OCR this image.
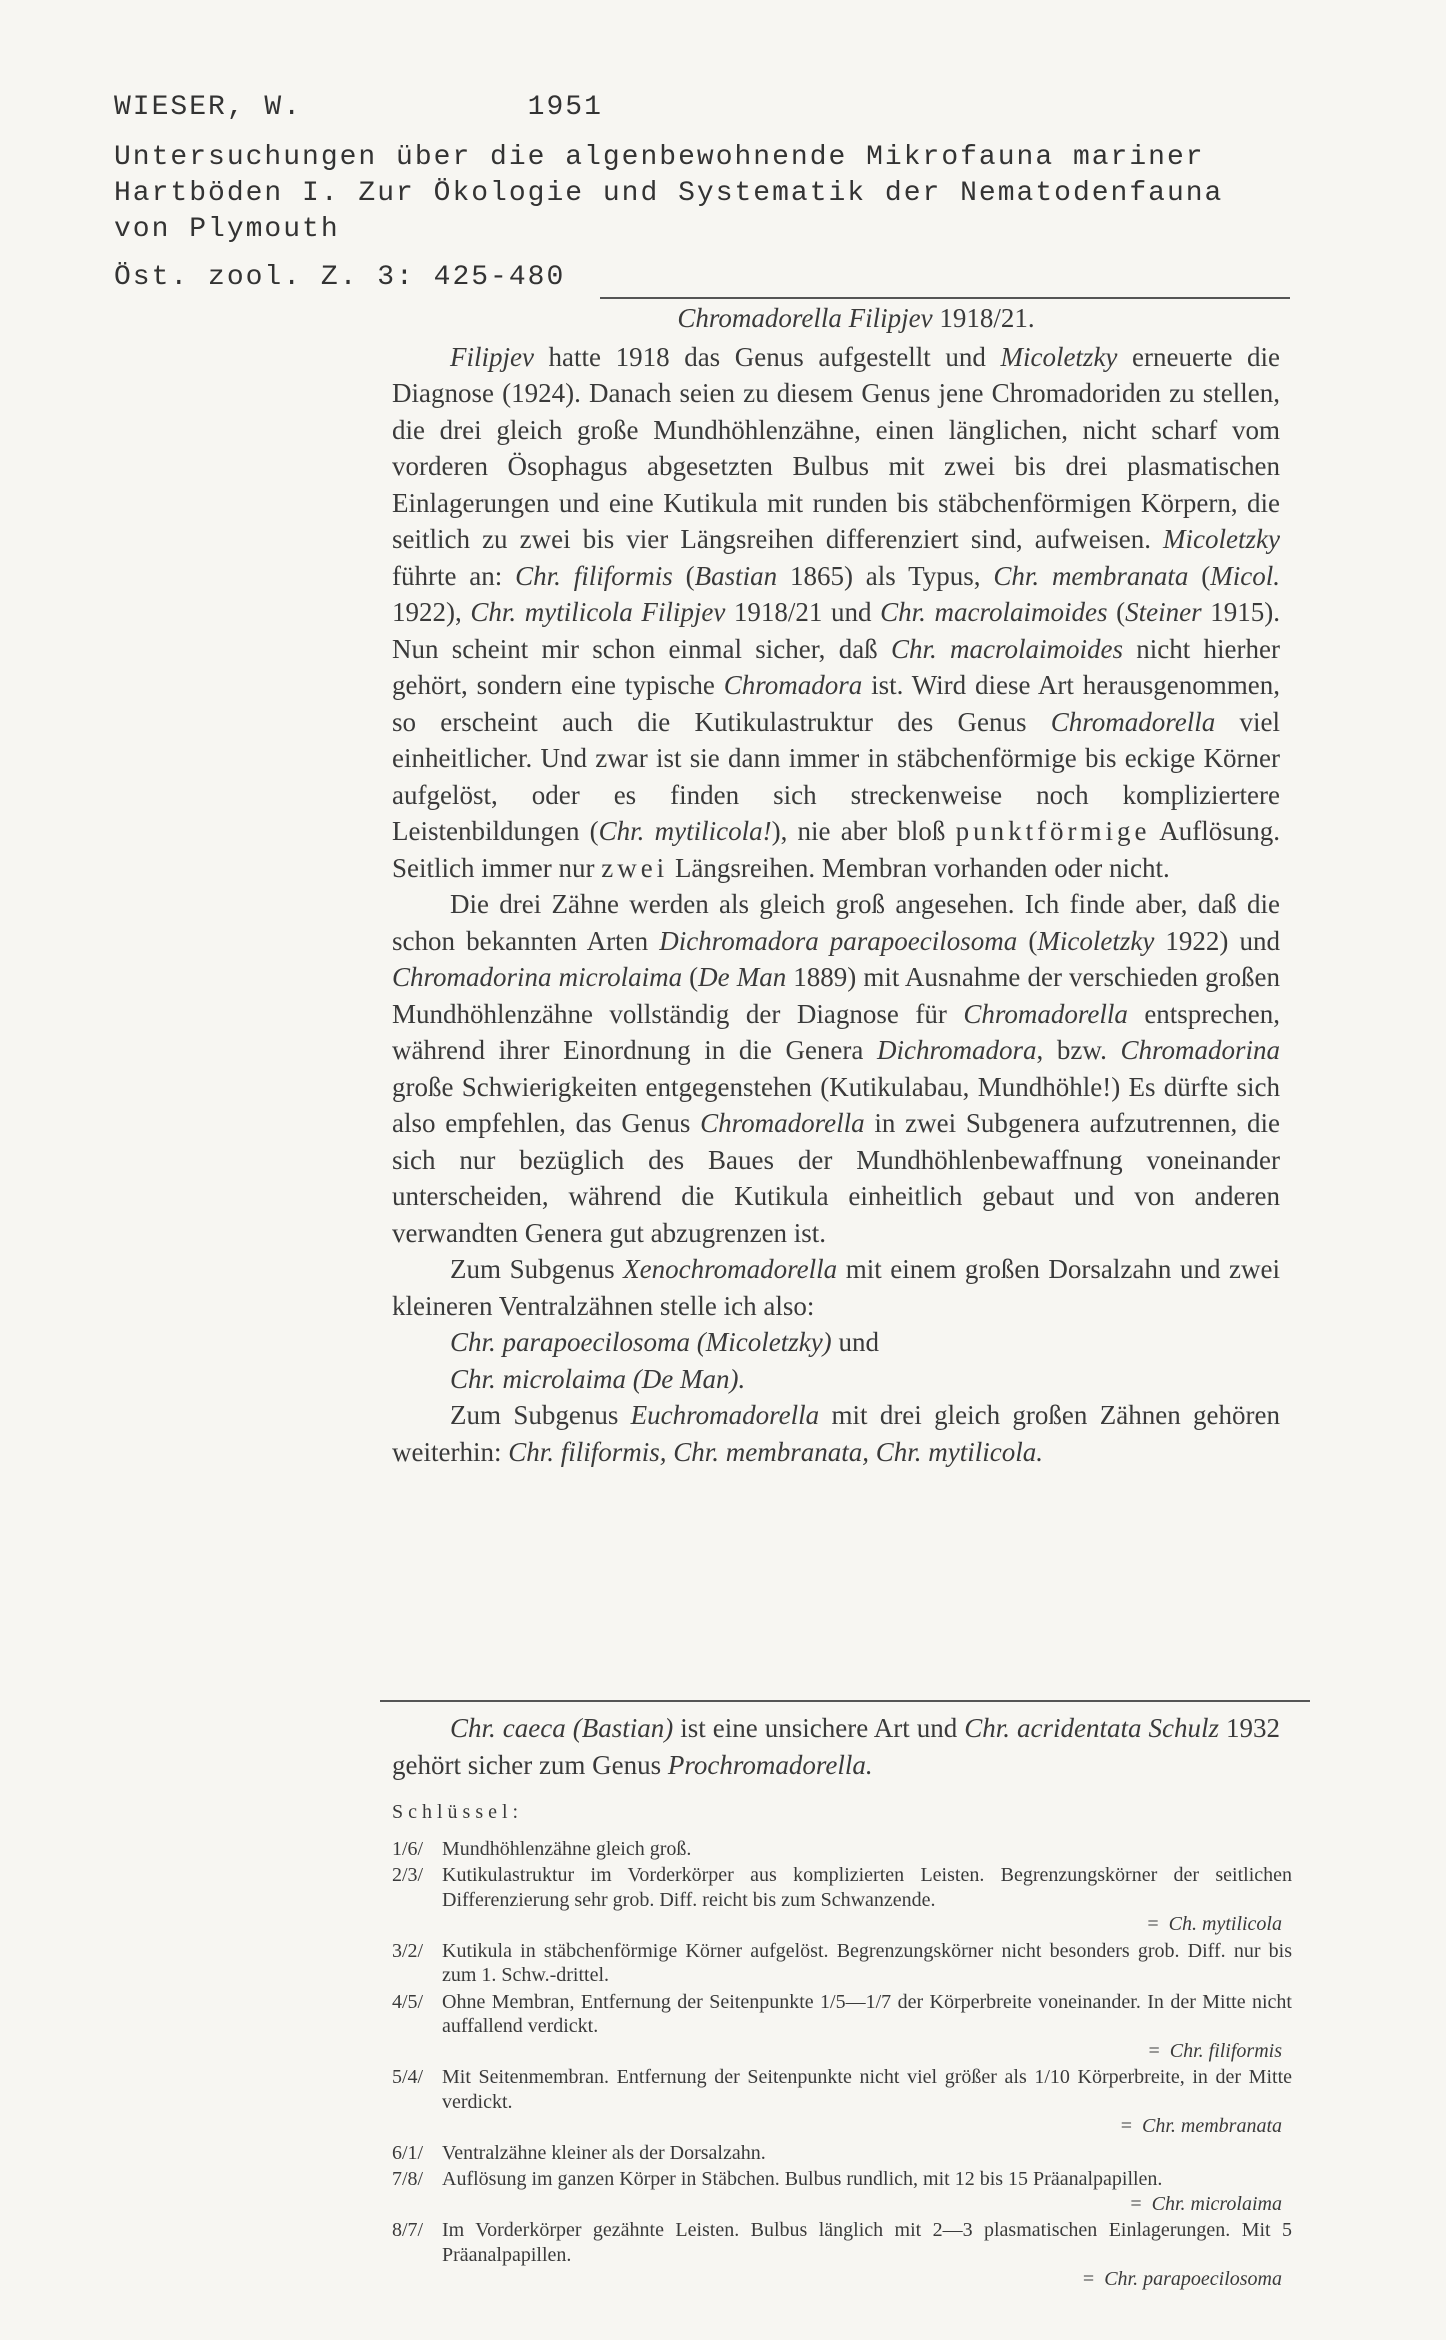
WIESER, W.            1951
Untersuchungen über die algenbewohnende Mikrofauna mariner
Hartböden I. Zur Ökologie und Systematik der Nematodenfauna
von Plymouth
Öst. zool. Z. 3: 425-480

Chromadorella Filipjev 1918/21.

Filipjev hatte 1918 das Genus aufgestellt und Micoletzky erneuerte die Diagnose (1924). Danach seien zu diesem Genus jene Chromadoriden zu stellen, die drei gleich große Mundhöhlenzähne, einen länglichen, nicht scharf vom vorderen Ösophagus abgesetzten Bulbus mit zwei bis drei plasmatischen Einlagerungen und eine Kutikula mit runden bis stäbchenförmigen Körpern, die seitlich zu zwei bis vier Längsreihen differenziert sind, aufweisen. Micoletzky führte an: Chr. filiformis (Bastian 1865) als Typus, Chr. membranata (Micol. 1922), Chr. mytilicola Filipjev 1918/21 und Chr. macrolaimoides (Steiner 1915). Nun scheint mir schon einmal sicher, daß Chr. macrolaimoides nicht hierher gehört, sondern eine typische Chromadora ist. Wird diese Art herausgenommen, so erscheint auch die Kutikulastruktur des Genus Chromadorella viel einheitlicher. Und zwar ist sie dann immer in stäbchenförmige bis eckige Körner aufgelöst, oder es finden sich streckenweise noch kompliziertere Leistenbildungen (Chr. mytilicola!), nie aber bloß punktförmige Auflösung. Seitlich immer nur zwei Längsreihen. Membran vorhanden oder nicht.

Die drei Zähne werden als gleich groß angesehen. Ich finde aber, daß die schon bekannten Arten Dichromadora parapoecilosoma (Micoletzky 1922) und Chromadorina microlaima (De Man 1889) mit Ausnahme der verschieden großen Mundhöhlenzähne vollständig der Diagnose für Chromadorella entsprechen, während ihrer Einordnung in die Genera Dichromadora, bzw. Chromadorina große Schwierigkeiten entgegenstehen (Kutikulabau, Mundhöhle!) Es dürfte sich also empfehlen, das Genus Chromadorella in zwei Subgenera aufzutrennen, die sich nur bezüglich des Baues der Mundhöhlenbewaffnung voneinander unterscheiden, während die Kutikula einheitlich gebaut und von anderen verwandten Genera gut abzugrenzen ist.

Zum Subgenus Xenochromadorella mit einem großen Dorsalzahn und zwei kleineren Ventralzähnen stelle ich also:

Chr. parapoecilosoma (Micoletzky) und

Chr. microlaima (De Man).

Zum Subgenus Euchromadorella mit drei gleich großen Zähnen gehören weiterhin: Chr. filiformis, Chr. membranata, Chr. mytilicola.

Chr. caeca (Bastian) ist eine unsichere Art und Chr. acridentata Schulz 1932 gehört sicher zum Genus Prochromadorella.

Schlüssel:

1/6/ Mundhöhlenzähne gleich groß.
2/3/ Kutikulastruktur im Vorderkörper aus komplizierten Leisten. Begrenzungskörner der seitlichen Differenzierung sehr grob. Diff. reicht bis zum Schwanzende.
= Ch. mytilicola
3/2/ Kutikula in stäbchenförmige Körner aufgelöst. Begrenzungskörner nicht besonders grob. Diff. nur bis zum 1. Schw.-drittel.
4/5/ Ohne Membran, Entfernung der Seitenpunkte 1/5—1/7 der Körperbreite voneinander. In der Mitte nicht auffallend verdickt.
= Chr. filiformis
5/4/ Mit Seitenmembran. Entfernung der Seitenpunkte nicht viel größer als 1/10 Körperbreite, in der Mitte verdickt.
= Chr. membranata
6/1/ Ventralzähne kleiner als der Dorsalzahn.
7/8/ Auflösung im ganzen Körper in Stäbchen. Bulbus rundlich, mit 12 bis 15 Präanalpapillen.
= Chr. microlaima
8/7/ Im Vorderkörper gezähnte Leisten. Bulbus länglich mit 2—3 plasmatischen Einlagerungen. Mit 5 Präanalpapillen.
= Chr. parapoecilosoma
